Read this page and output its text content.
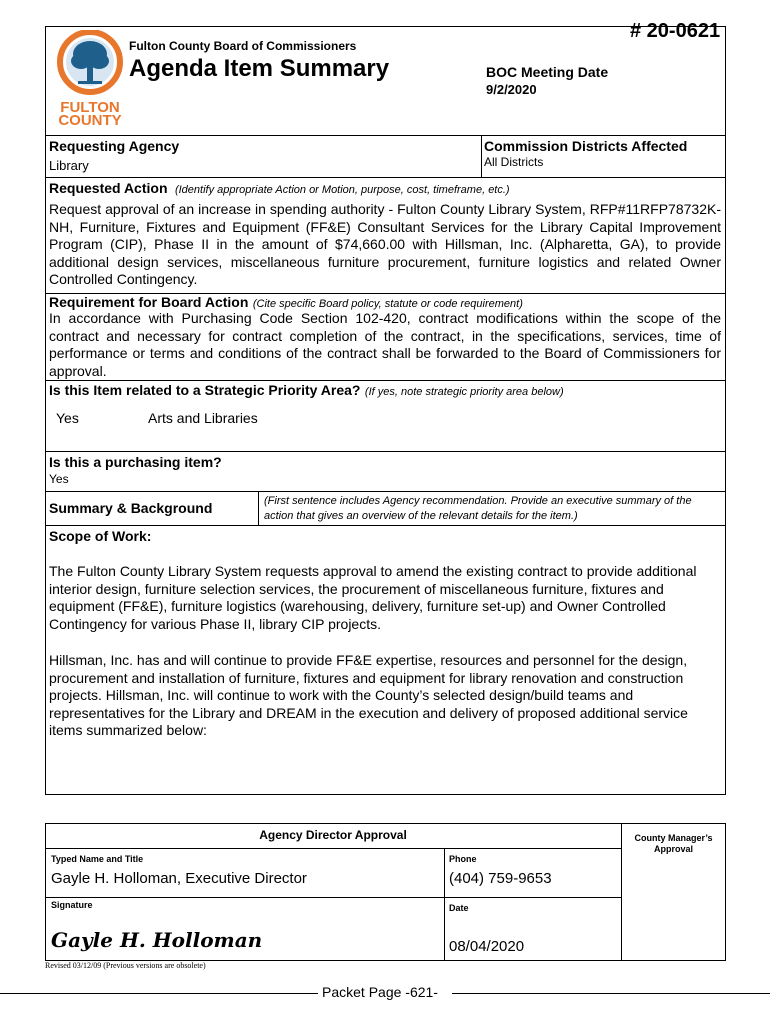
# 20-0621
FULTON
COUNTY
Fulton County Board of Commissioners
Agenda Item Summary	BOC Meeting Date
9/2/2020
Requesting Agency
Library
Commission Districts Affected
All Districts
Requested Action (Identify appropriate Action or Motion, purpose, cost, timeframe, etc.)
Request approval of an increase in spending authority - Fulton County Library System, RFP#11RFP78732K-NH, Furniture, Fixtures and Equipment (FF&E) Consultant Services for the Library Capital Improvement Program (CIP), Phase II in the amount of $74,660.00 with Hillsman, Inc. (Alpharetta, GA), to provide additional design services, miscellaneous furniture procurement, furniture logistics and related Owner Controlled Contingency.
Requirement for Board Action (Cite specific Board policy, statute or code requirement)
In accordance with Purchasing Code Section 102-420, contract modifications within the scope of the contract and necessary for contract completion of the contract, in the specifications, services, time of performance or terms and conditions of the contract shall be forwarded to the Board of Commissioners for approval.
Is this Item related to a Strategic Priority Area? (If yes, note strategic priority area below)
Yes	Arts and Libraries
Is this a purchasing item?
Yes
Summary & Background	(First sentence includes Agency recommendation. Provide an executive summary of the action that gives an overview of the relevant details for the item.)
Scope of Work:
The Fulton County Library System requests approval to amend the existing contract to provide additional interior design, furniture selection services, the procurement of miscellaneous furniture, fixtures and equipment (FF&E), furniture logistics (warehousing, delivery, furniture set-up) and Owner Controlled Contingency for various Phase II, library CIP projects.
Hillsman, Inc. has and will continue to provide FF&E expertise, resources and personnel for the design, procurement and installation of furniture, fixtures and equipment for library renovation and construction projects. Hillsman, Inc. will continue to work with the County’s selected design/build teams and representatives for the Library and DREAM in the execution and delivery of proposed additional service items summarized below:
Agency Director Approval	County Manager’s Approval
Typed Name and Title
Gayle H. Holloman, Executive Director
Phone
(404) 759-9653
Signature
Gayle H. Holloman
Date
08/04/2020
Revised 03/12/09 (Previous versions are obsolete)
Packet Page -621-
